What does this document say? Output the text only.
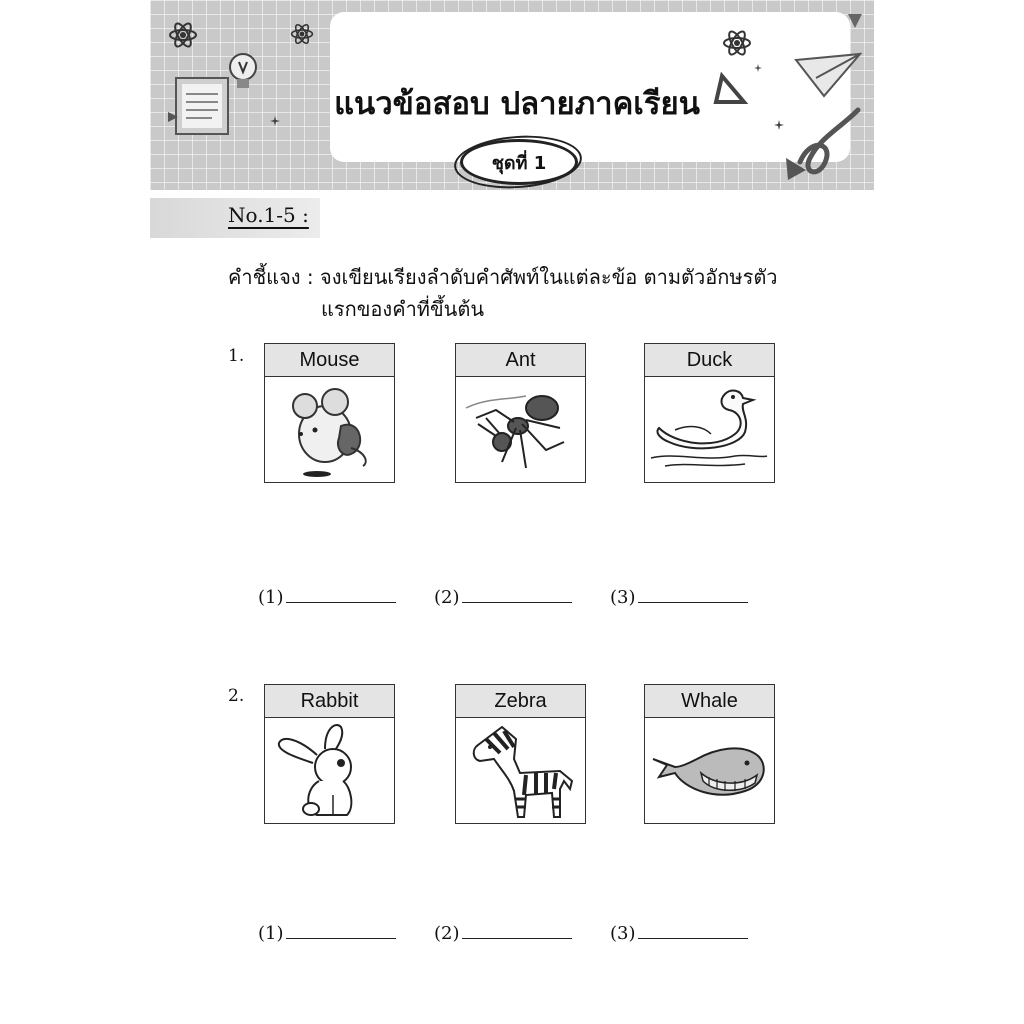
แนวข้อสอบ ปลายภาคเรียน
ชุดที่ 1
No.1-5 :
คำชี้แจง : จงเขียนเรียงลำดับคำศัพท์ในแต่ละข้อ ตามตัวอักษรตัว
แรกของคำที่ขึ้นต้น
1.	Mouse	Ant	Duck
(1)	(2)	(3)
2.	Rabbit	Zebra	Whale
(1)	(2)	(3)
